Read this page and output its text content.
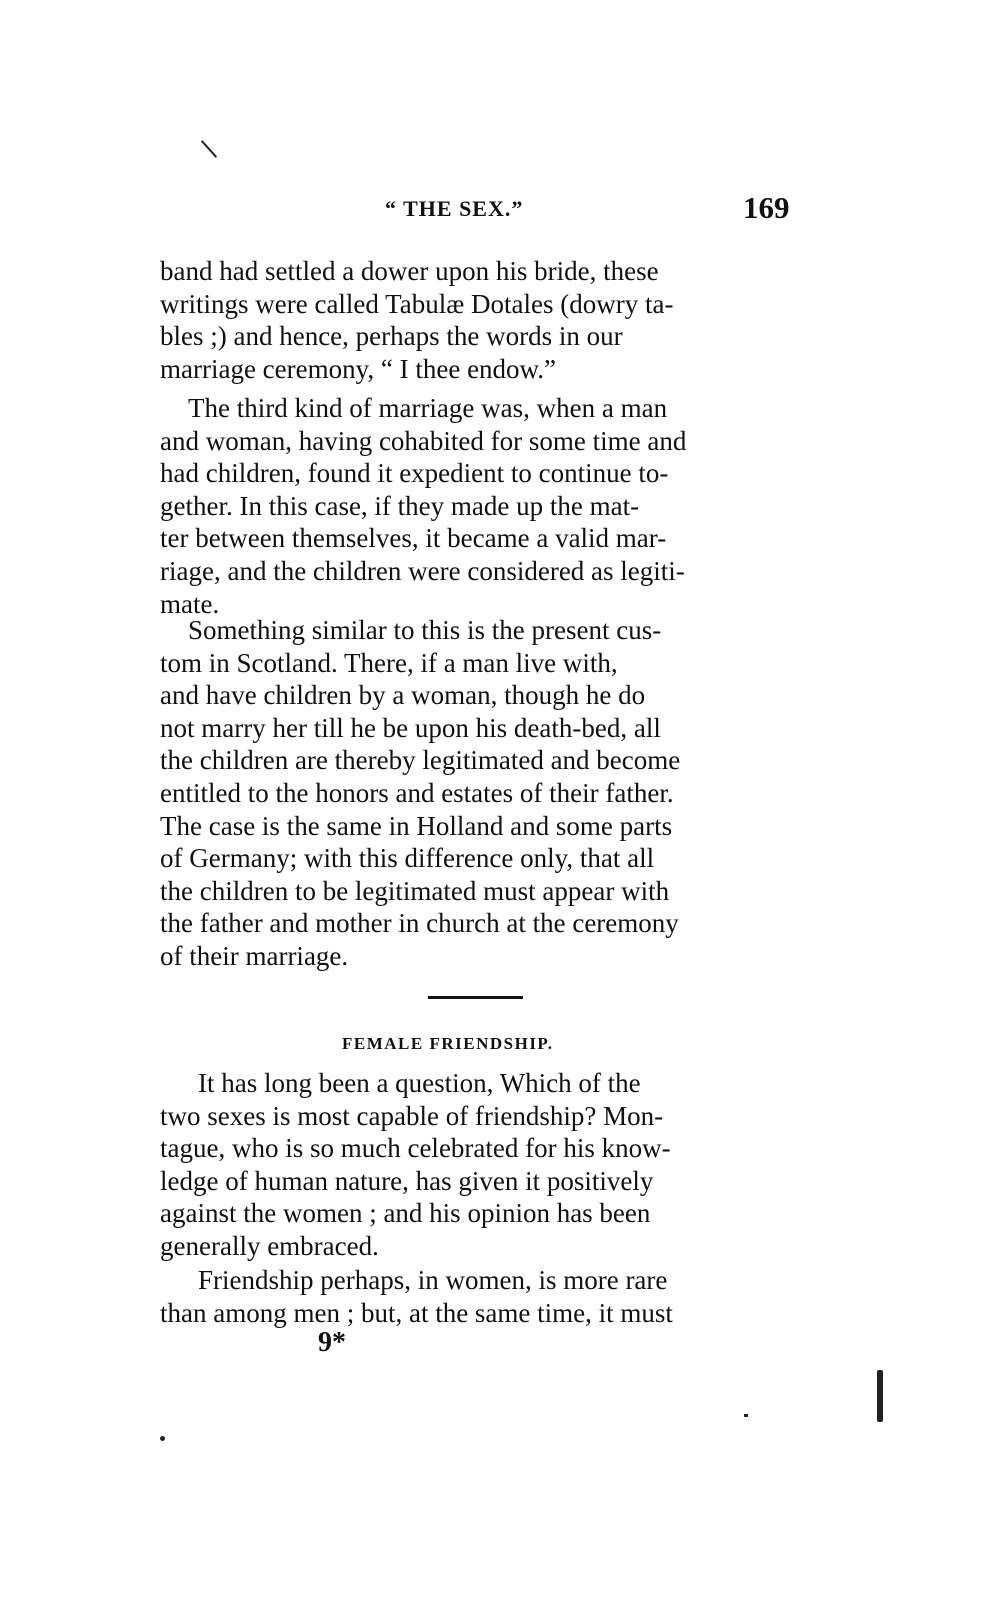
“ THE SEX.”	169

band had settled a dower upon his bride, these
writings were called Tabulæ Dotales (dowry ta-
bles ;) and hence, perhaps the words in our
marriage ceremony, “ I thee endow.”

The third kind of marriage was, when a man
and woman, having cohabited for some time and
had children, found it expedient to continue to-
gether. In this case, if they made up the mat-
ter between themselves, it became a valid mar-
riage, and the children were considered as legiti-
mate.

Something similar to this is the present cus-
tom in Scotland. There, if a man live with,
and have children by a woman, though he do
not marry her till he be upon his death-bed, all
the children are thereby legitimated and become
entitled to the honors and estates of their father.
The case is the same in Holland and some parts
of Germany; with this difference only, that all
the children to be legitimated must appear with
the father and mother in church at the ceremony
of their marriage.

FEMALE FRIENDSHIP.

It has long been a question, Which of the
two sexes is most capable of friendship? Mon-
tague, who is so much celebrated for his know-
ledge of human nature, has given it positively
against the women ; and his opinion has been
generally embraced.

Friendship perhaps, in women, is more rare
than among men ; but, at the same time, it must

9*
